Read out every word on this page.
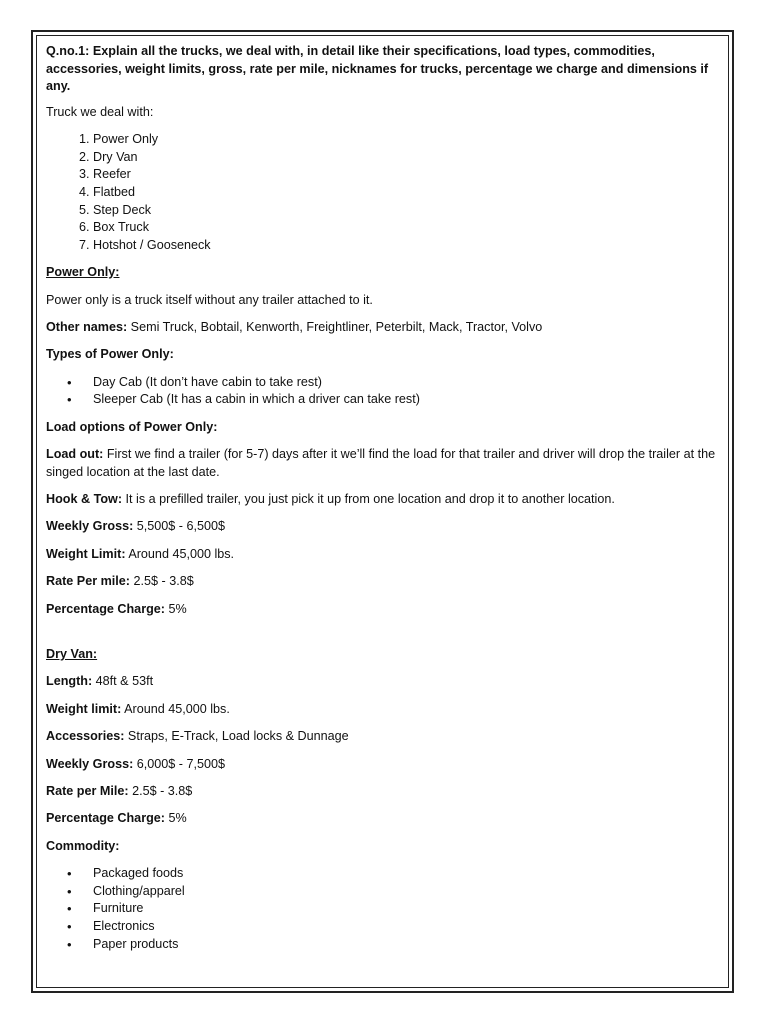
Q.no.1: Explain all the trucks, we deal with, in detail like their specifications, load types, commodities, accessories, weight limits, gross, rate per mile, nicknames for trucks, percentage we charge and dimensions if any.

Truck we deal with:

1. Power Only
2. Dry Van
3. Reefer
4. Flatbed
5. Step Deck
6. Box Truck
7. Hotshot / Gooseneck

Power Only:

Power only is a truck itself without any trailer attached to it.

Other names: Semi Truck, Bobtail, Kenworth, Freightliner, Peterbilt, Mack, Tractor, Volvo

Types of Power Only:

• Day Cab (It don’t have cabin to take rest)
• Sleeper Cab (It has a cabin in which a driver can take rest)

Load options of Power Only:

Load out: First we find a trailer (for 5-7) days after it we’ll find the load for that trailer and driver will drop the trailer at the singed location at the last date.

Hook & Tow: It is a prefilled trailer, you just pick it up from one location and drop it to another location.

Weekly Gross: 5,500$ - 6,500$

Weight Limit: Around 45,000 lbs.

Rate Per mile: 2.5$ - 3.8$

Percentage Charge: 5%

Dry Van:

Length: 48ft & 53ft

Weight limit: Around 45,000 lbs.

Accessories: Straps, E-Track, Load locks & Dunnage

Weekly Gross: 6,000$ - 7,500$

Rate per Mile: 2.5$ - 3.8$

Percentage Charge: 5%

Commodity:

• Packaged foods
• Clothing/apparel
• Furniture
• Electronics
• Paper products
